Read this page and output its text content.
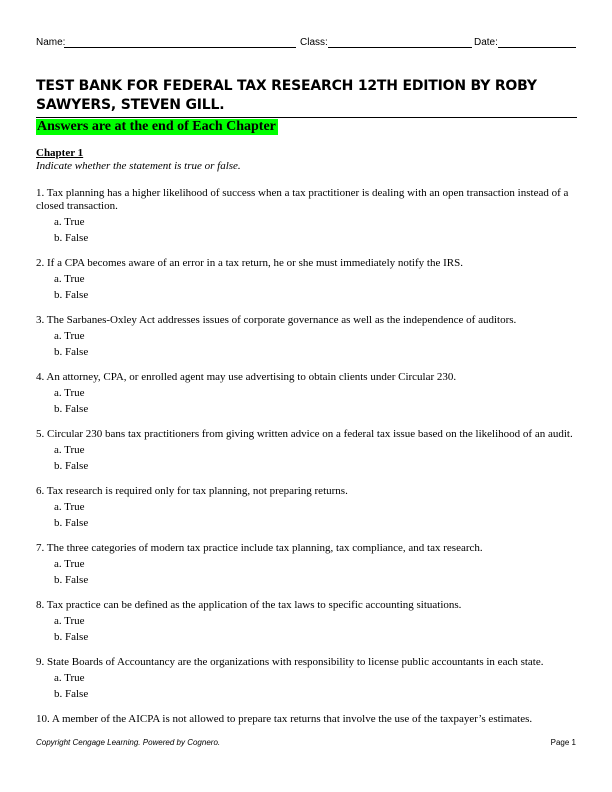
Name:	Class:	Date:
TEST BANK FOR FEDERAL TAX RESEARCH 12TH EDITION BY ROBY SAWYERS, STEVEN GILL.
Answers are at the end of Each Chapter
Chapter 1
Indicate whether the statement is true or false.

1. Tax planning has a higher likelihood of success when a tax practitioner is dealing with an open transaction instead of a closed transaction.

a. True

b. False

2. If a CPA becomes aware of an error in a tax return, he or she must immediately notify the IRS.

a. True

b. False

3. The Sarbanes-Oxley Act addresses issues of corporate governance as well as the independence of auditors.

a. True

b. False

4. An attorney, CPA, or enrolled agent may use advertising to obtain clients under Circular 230.

a. True

b. False

5. Circular 230 bans tax practitioners from giving written advice on a federal tax issue based on the likelihood of an audit.

a. True

b. False

6. Tax research is required only for tax planning, not preparing returns.

a. True

b. False

7. The three categories of modern tax practice include tax planning, tax compliance, and tax research.

a. True

b. False

8. Tax practice can be defined as the application of the tax laws to specific accounting situations.

a. True

b. False

9. State Boards of Accountancy are the organizations with responsibility to license public accountants in each state.

a. True

b. False

10. A member of the AICPA is not allowed to prepare tax returns that involve the use of the taxpayer’s estimates.

Copyright Cengage Learning. Powered by Cognero.	Page 1
